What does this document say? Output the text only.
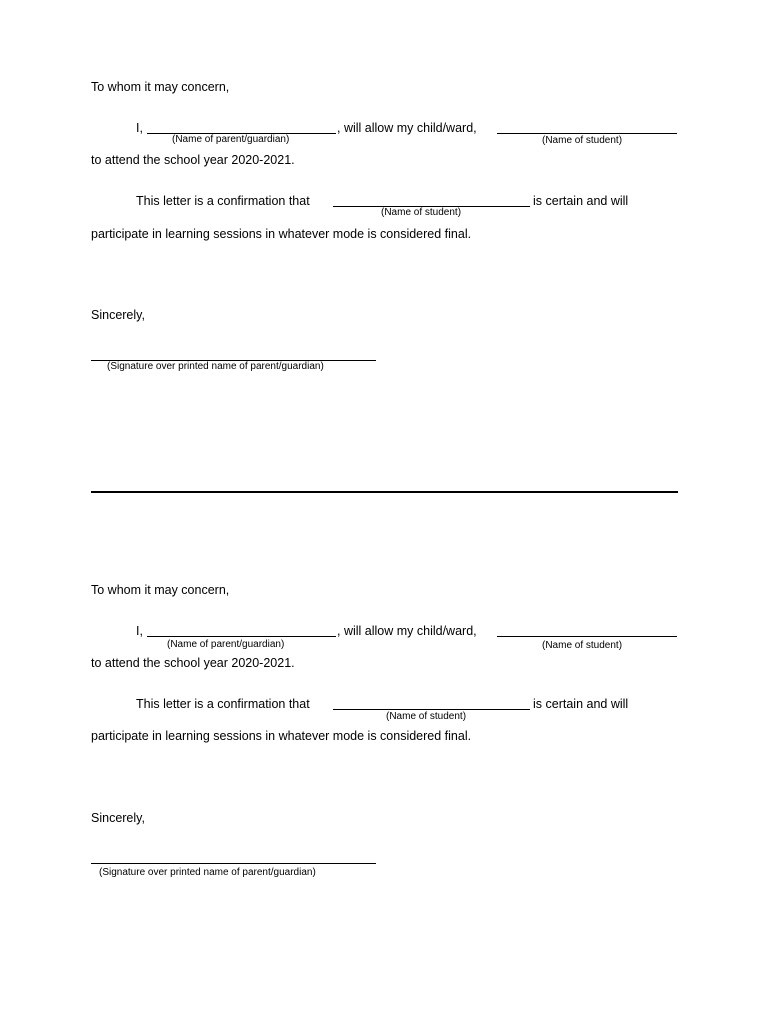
To whom it may concern,
I,	, will allow my child/ward,
(Name of parent/guardian)	(Name of student)
to attend the school year 2020-2021.
This letter is a confirmation that	is certain and will
(Name of student)
participate in learning sessions in whatever mode is considered final.
Sincerely,
(Signature over printed name of parent/guardian)
To whom it may concern,
I,	, will allow my child/ward,
(Name of parent/guardian)	(Name of student)
to attend the school year 2020-2021.
This letter is a confirmation that	is certain and will
(Name of student)
participate in learning sessions in whatever mode is considered final.
Sincerely,
(Signature over printed name of parent/guardian)
